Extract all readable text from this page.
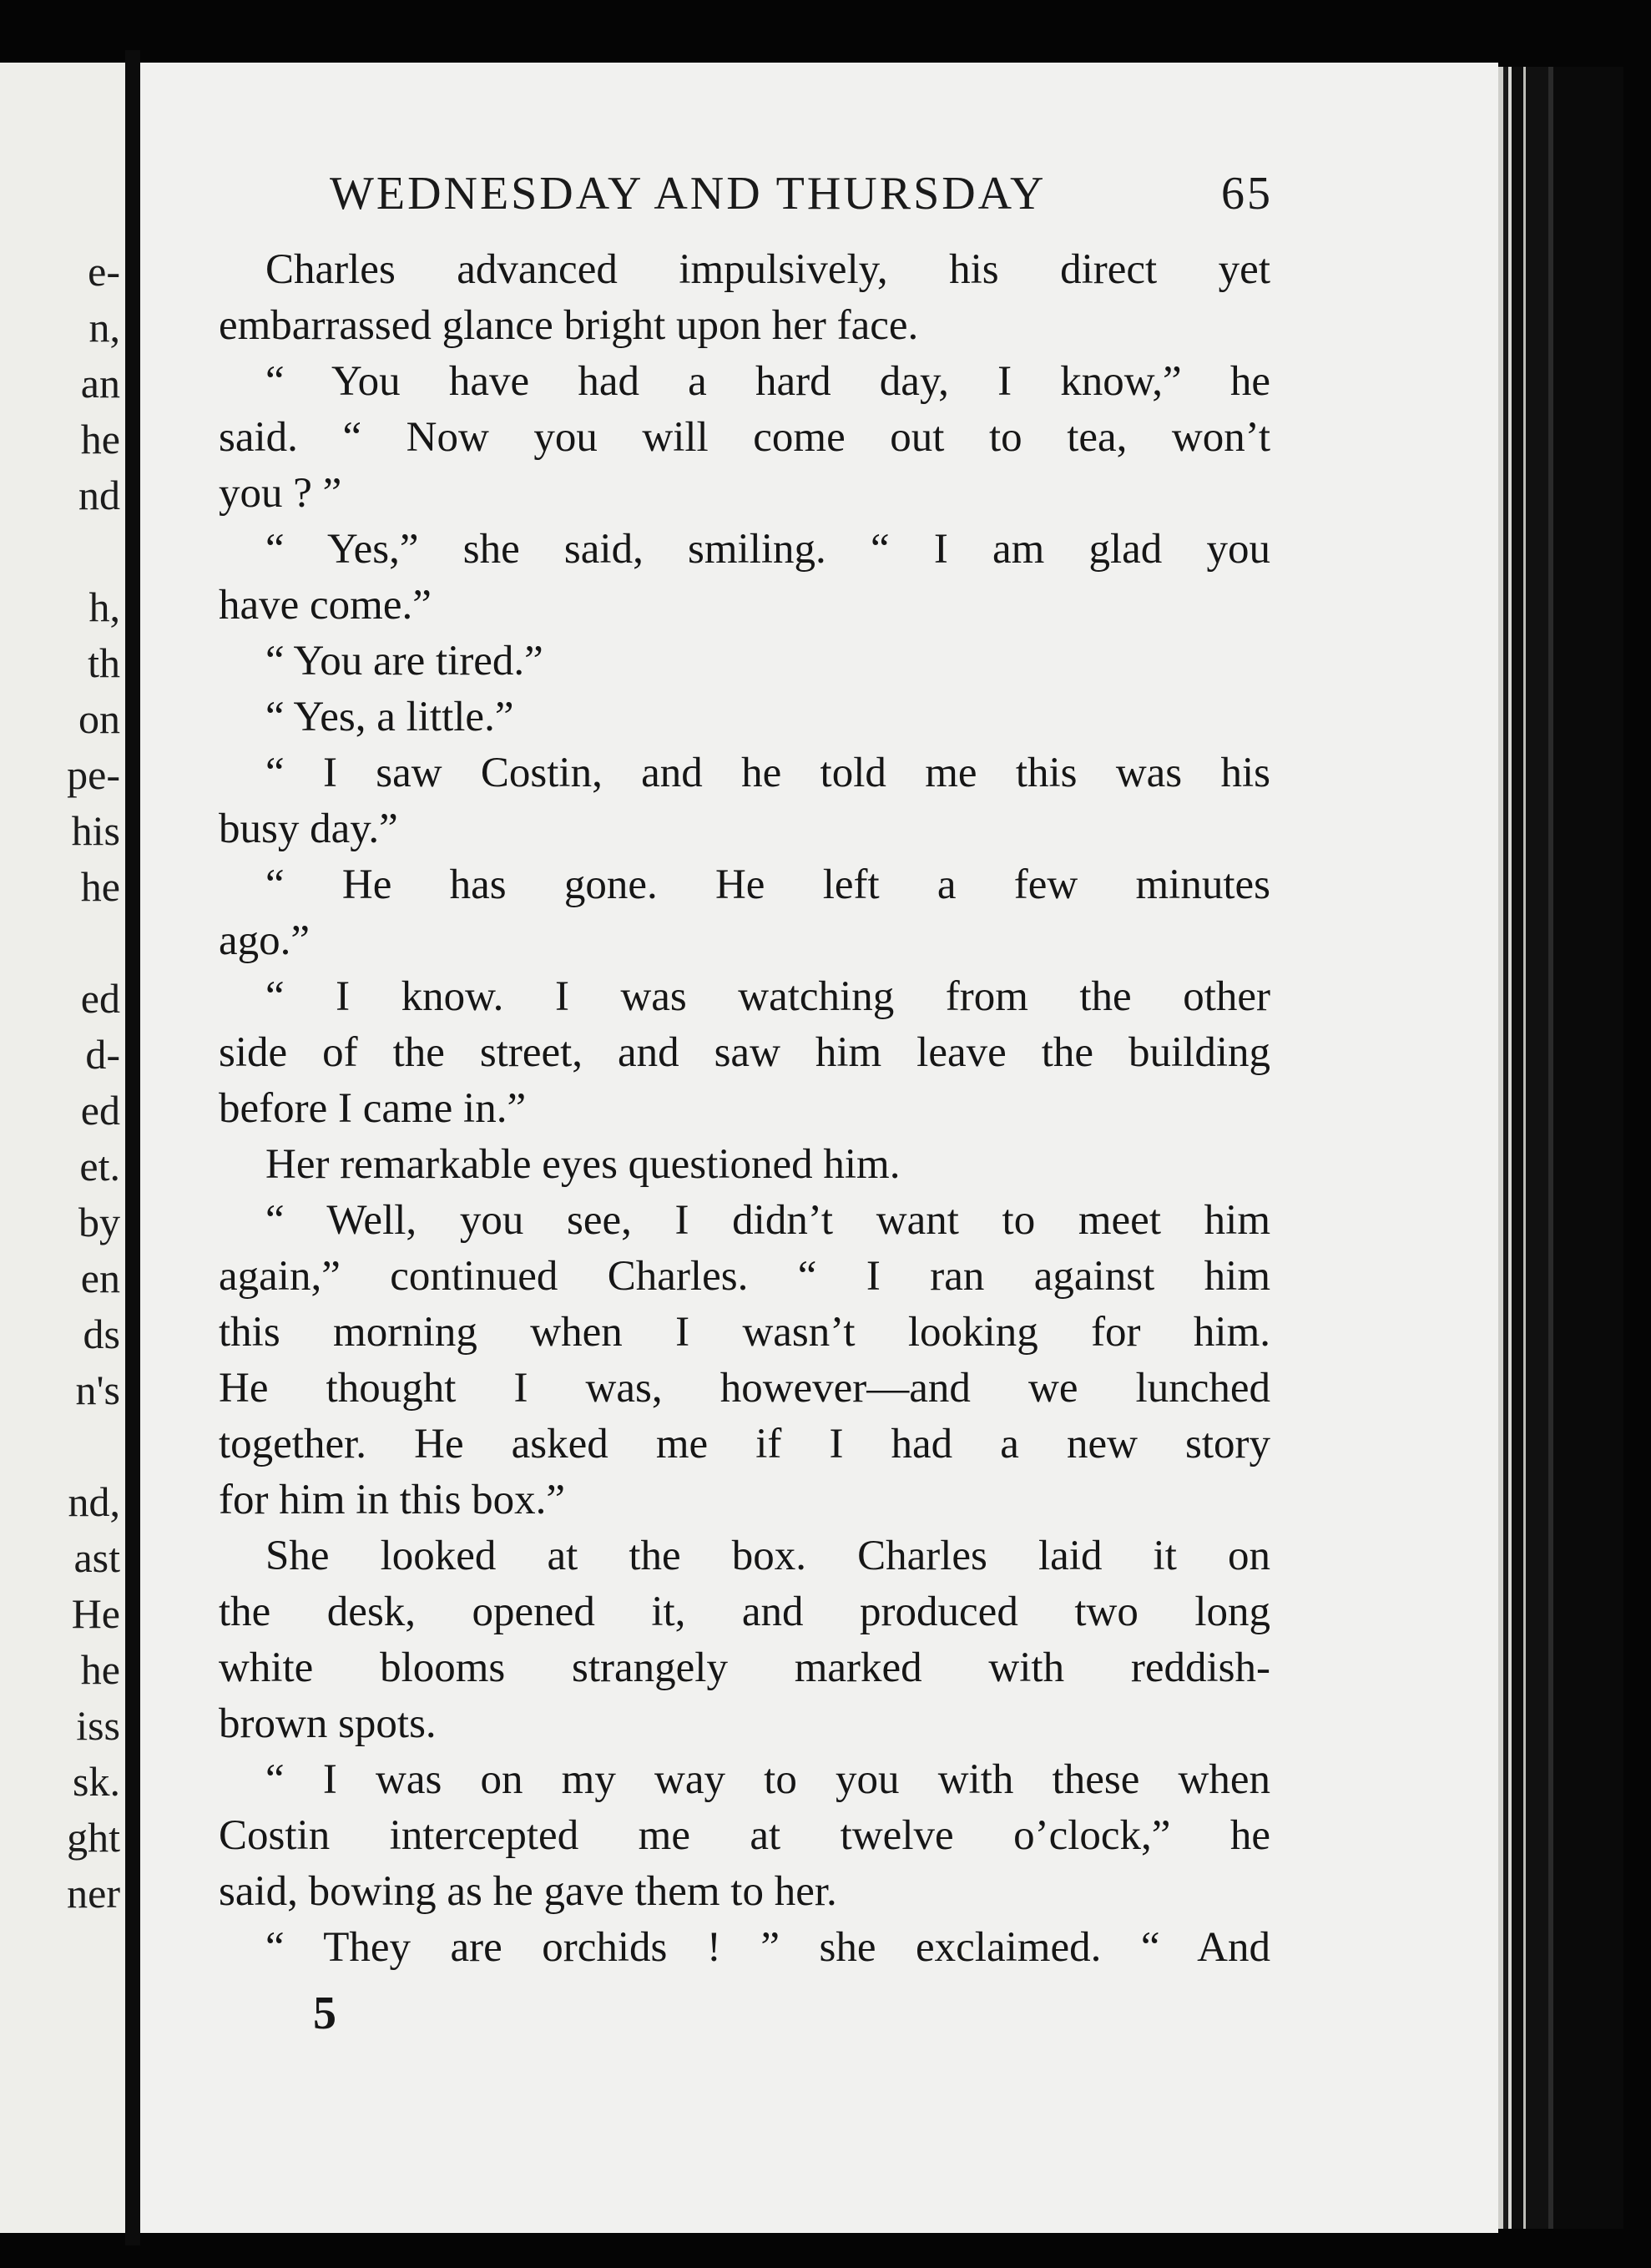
e-
n,
an
he
nd
h,
th
on
pe-
his
he
ed
d-
ed
et.
by
en
ds
n's
nd,
ast
He
he
iss
sk.
ght
ner
WEDNESDAY AND THURSDAY	65
Charles advanced impulsively, his direct yet
embarrassed glance bright upon her face.
“ You have had a hard day, I know,” he
said. “ Now you will come out to tea, won’t
you ? ”
“ Yes,” she said, smiling. “ I am glad you
have come.”
“ You are tired.”
“ Yes, a little.”
“ I saw Costin, and he told me this was his
busy day.”
“ He has gone. He left a few minutes
ago.”
“ I know. I was watching from the other
side of the street, and saw him leave the building
before I came in.”
Her remarkable eyes questioned him.
“ Well, you see, I didn’t want to meet him
again,” continued Charles. “ I ran against him
this morning when I wasn’t looking for him.
He thought I was, however—and we lunched
together. He asked me if I had a new story
for him in this box.”
She looked at the box. Charles laid it on
the desk, opened it, and produced two long
white blooms strangely marked with reddish-
brown spots.
“ I was on my way to you with these when
Costin intercepted me at twelve o’clock,” he
said, bowing as he gave them to her.
“ They are orchids ! ” she exclaimed. “ And
5
